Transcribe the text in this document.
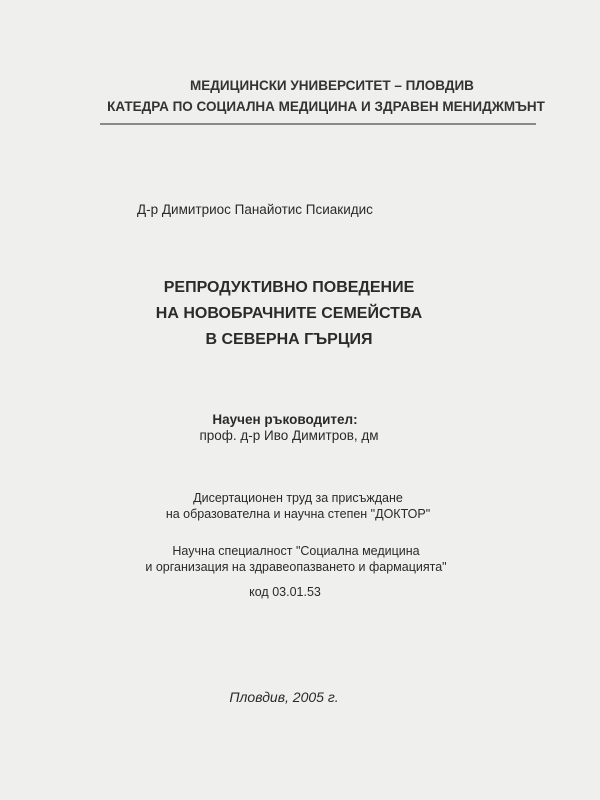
МЕДИЦИНСКИ УНИВЕРСИТЕТ – ПЛОВДИВ
КАТЕДРА ПО СОЦИАЛНА МЕДИЦИНА И ЗДРАВЕН МЕНИДЖМЪНТ
Д-р Димитриос Панайотис Псиакидис
РЕПРОДУКТИВНО ПОВЕДЕНИЕ
НА НОВОБРАЧНИТЕ СЕМЕЙСТВА
В СЕВЕРНА ГЪРЦИЯ
Научен ръководител:
проф. д-р Иво Димитров, дм
Дисертационен труд за присъждане
на образователна и научна степен "ДОКТОР"
Научна специалност "Социална медицина
и организация на здравеопазването и фармацията"
код 03.01.53
Пловдив, 2005 г.
